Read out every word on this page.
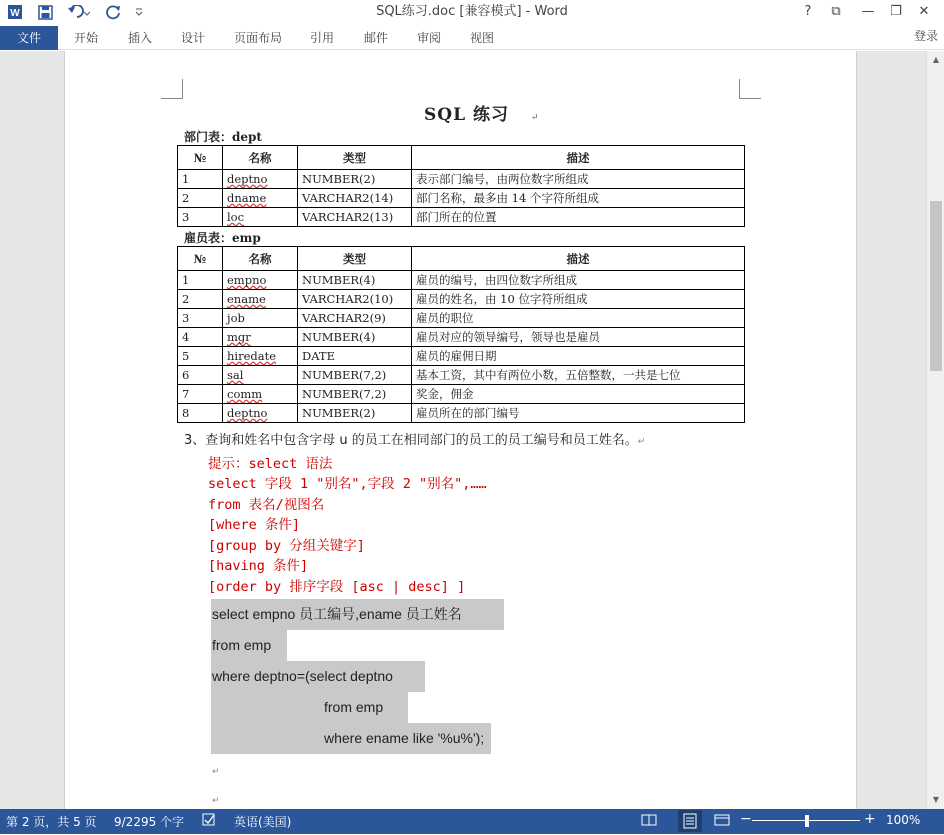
W	SQL练习.doc [兼容模式] - Word	?	⧉	—	❐	✕
文件	开始 插入 设计 页面布局 引用 邮件 审阅 视图	登录
SQL 练习 ↵
部门表：dept
№	名称	类型	描述
1	deptno	NUMBER(2)	表示部门编号，由两位数字所组成
2	dname	VARCHAR2(14)	部门名称，最多由 14 个字符所组成
3	loc	VARCHAR2(13)	部门所在的位置
雇员表：emp
№	名称	类型	描述
1	empno	NUMBER(4)	雇员的编号，由四位数字所组成
2	ename	VARCHAR2(10)	雇员的姓名，由 10 位字符所组成
3	job	VARCHAR2(9)	雇员的职位
4	mgr	NUMBER(4)	雇员对应的领导编号，领导也是雇员
5	hiredate	DATE	雇员的雇佣日期
6	sal	NUMBER(7,2)	基本工资，其中有两位小数，五倍整数，一共是七位
7	comm	NUMBER(7,2)	奖金，佣金
8	deptno	NUMBER(2)	雇员所在的部门编号
3、查询和姓名中包含字母 u 的员工在相同部门的员工的员工编号和员工姓名。↵
提示：select 语法
select 字段 1 "别名",字段 2 "别名",……
from 表名/视图名
[where 条件]
[group by 分组关键字]
[having 条件]
[order by 排序字段 [asc | desc] ]
select empno 员工编号,ename 员工姓名
from emp
where deptno=(select deptno
from emp
where ename like '%u%');
↵
↵
▲
▼
第 2 页，共 5 页 9/2295 个字	英语(美国)	−	+ 100%
